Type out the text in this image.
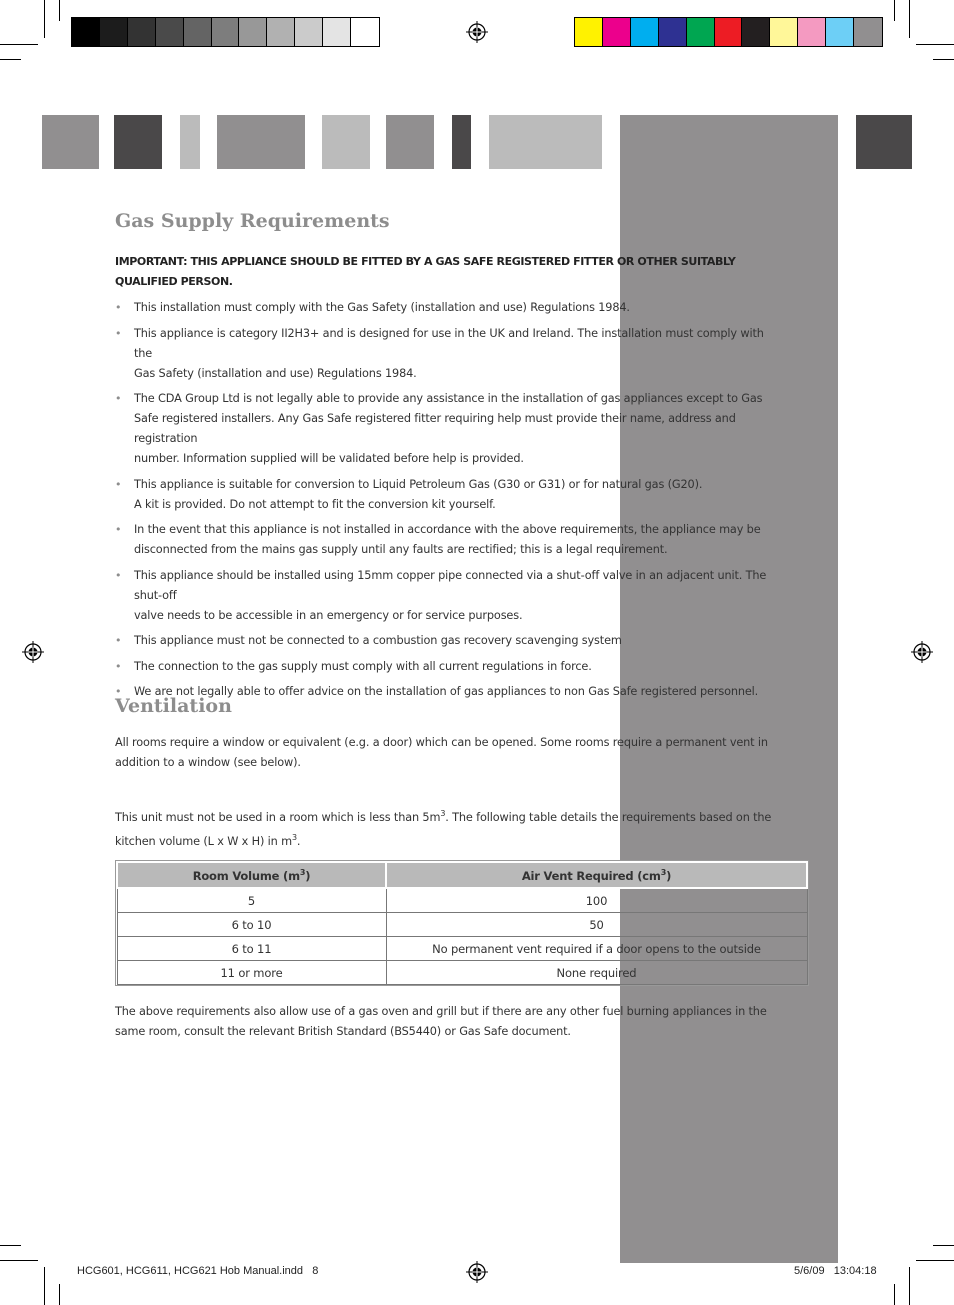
Gas Supply Requirements
IMPORTANT: THIS APPLIANCE SHOULD BE FITTED BY A GAS SAFE REGISTERED FITTER OR OTHER SUITABLY
QUALIFIED PERSON.
• This installation must comply with the Gas Safety (installation and use) Regulations 1984.
• This appliance is category II2H3+ and is designed for use in the UK and Ireland. The installation must comply with the
Gas Safety (installation and use) Regulations 1984.
• The CDA Group Ltd is not legally able to provide any assistance in the installation of gas appliances except to Gas
Safe registered installers. Any Gas Safe registered fitter requiring help must provide their name, address and registration
number. Information supplied will be validated before help is provided.
• This appliance is suitable for conversion to Liquid Petroleum Gas (G30 or G31) or for natural gas (G20).
A kit is provided. Do not attempt to fit the conversion kit yourself.
• In the event that this appliance is not installed in accordance with the above requirements, the appliance may be
disconnected from the mains gas supply until any faults are rectified; this is a legal requirement.
• This appliance should be installed using 15mm copper pipe connected via a shut-off valve in an adjacent unit. The shut-off
valve needs to be accessible in an emergency or for service purposes.
• This appliance must not be connected to a combustion gas recovery scavenging system
• The connection to the gas supply must comply with all current regulations in force.
• We are not legally able to offer advice on the installation of gas appliances to non Gas Safe registered personnel.
Ventilation

All rooms require a window or equivalent (e.g. a door) which can be opened. Some rooms require a permanent vent in
addition to a window (see below).

This unit must not be used in a room which is less than $5m^3$. The following table details the requirements based on the
kitchen volume (L x W x H) in $m^3$.

Room Volume $(m^3)$	Air Vent Required $(cm^3)$
5	100
6 to 10	50
6 to 11	No permanent vent required if a door opens to the outside
11 or more	None required

The above requirements also allow use of a gas oven and grill but if there are any other fuel burning appliances in the
same room, consult the relevant British Standard (BS5440) or Gas Safe document.

HCG601, HCG611, HCG621 Hob Manual.indd   8	5/6/09   13:04:18
